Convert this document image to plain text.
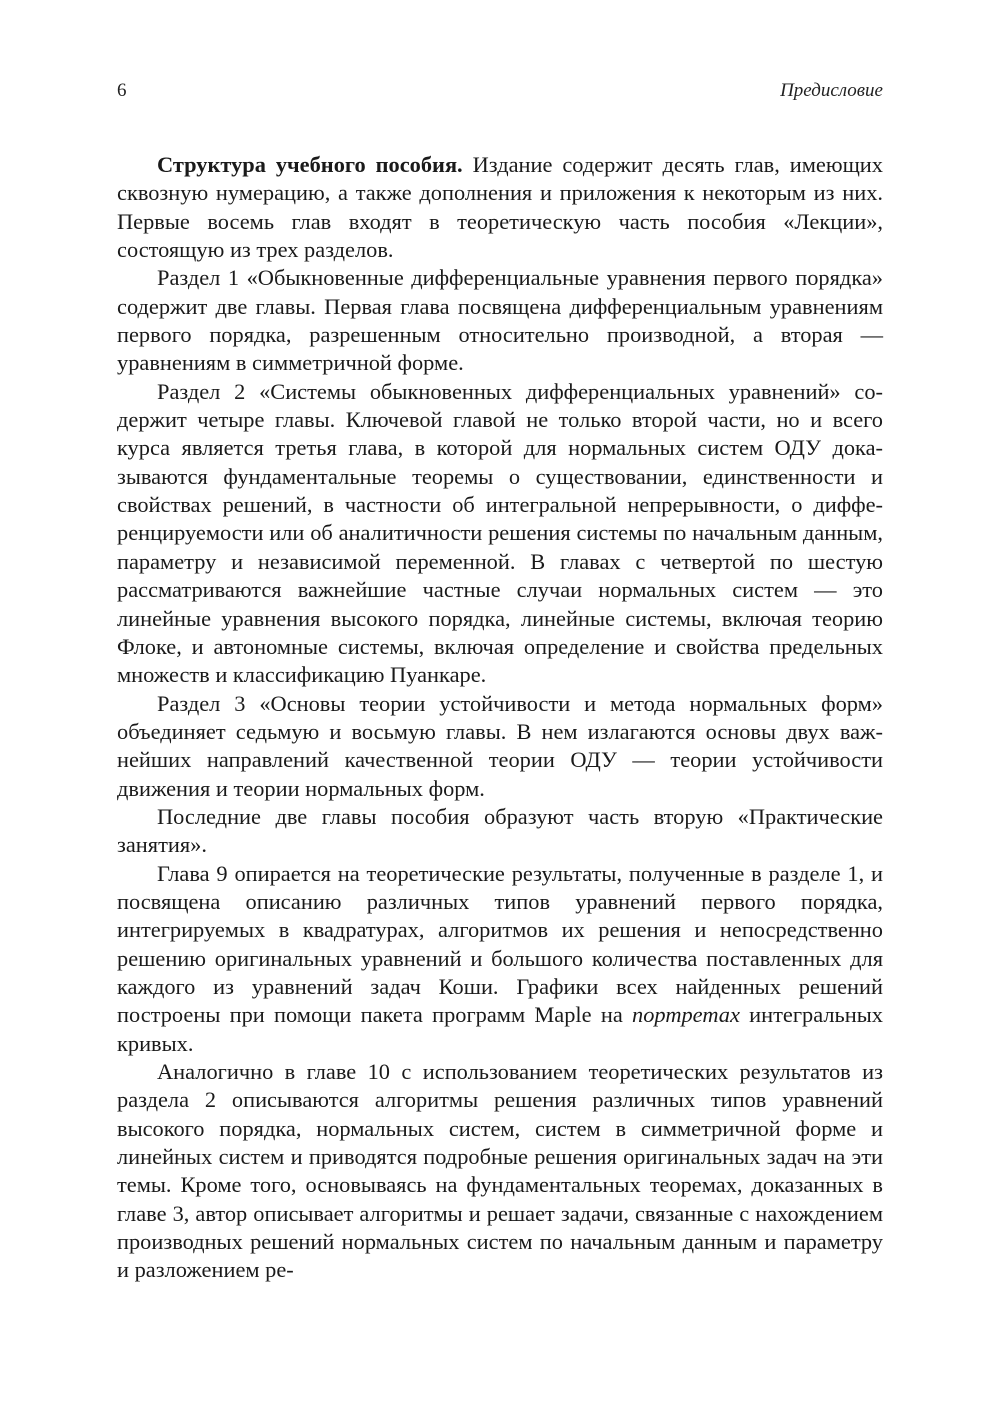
6	Предисловие

Структура учебного пособия. Издание содержит десять глав, имеющих сквозную нумерацию, а также дополнения и приложения к некоторым из них. Первые восемь глав входят в теоретическую часть пособия «Лекции», состоящую из трех разделов.

Раздел 1 «Обыкновенные дифференциальные уравнения первого порядка» содержит две главы. Первая глава посвящена дифференциальным уравнениям первого порядка, разрешенным относительно производной, а вторая — уравнениям в симметричной форме.

Раздел 2 «Системы обыкновенных дифференциальных уравнений» содержит четыре главы. Ключевой главой не только второй части, но и всего курса является третья глава, в которой для нормальных систем ОДУ доказываются фундаментальные теоремы о существовании, единственности и свойствах решений, в частности об интегральной непрерывности, о дифференцируемости или об аналитичности решения системы по начальным данным, параметру и независимой переменной. В главах с четвертой по шестую рассматриваются важнейшие частные случаи нормальных систем — это линейные уравнения высокого порядка, линейные системы, включая теорию Флоке, и автономные системы, включая определение и свойства предельных множеств и классификацию Пуанкаре.

Раздел 3 «Основы теории устойчивости и метода нормальных форм» объединяет седьмую и восьмую главы. В нем излагаются основы двух важнейших направлений качественной теории ОДУ — теории устойчивости движения и теории нормальных форм.

Последние две главы пособия образуют часть вторую «Практические занятия».

Глава 9 опирается на теоретические результаты, полученные в разделе 1, и посвящена описанию различных типов уравнений первого порядка, интегрируемых в квадратурах, алгоритмов их решения и непосредственно решению оригинальных уравнений и большого количества поставленных для каждого из уравнений задач Коши. Графики всех найденных решений построены при помощи пакета программ Maple на портретах интегральных кривых.

Аналогично в главе 10 с использованием теоретических результатов из раздела 2 описываются алгоритмы решения различных типов уравнений высокого порядка, нормальных систем, систем в симметричной форме и линейных систем и приводятся подробные решения оригинальных задач на эти темы. Кроме того, основываясь на фундаментальных теоремах, доказанных в главе 3, автор описывает алгоритмы и решает задачи, связанные с нахождением производных решений нормальных систем по начальным данным и параметру и разложением ре-
